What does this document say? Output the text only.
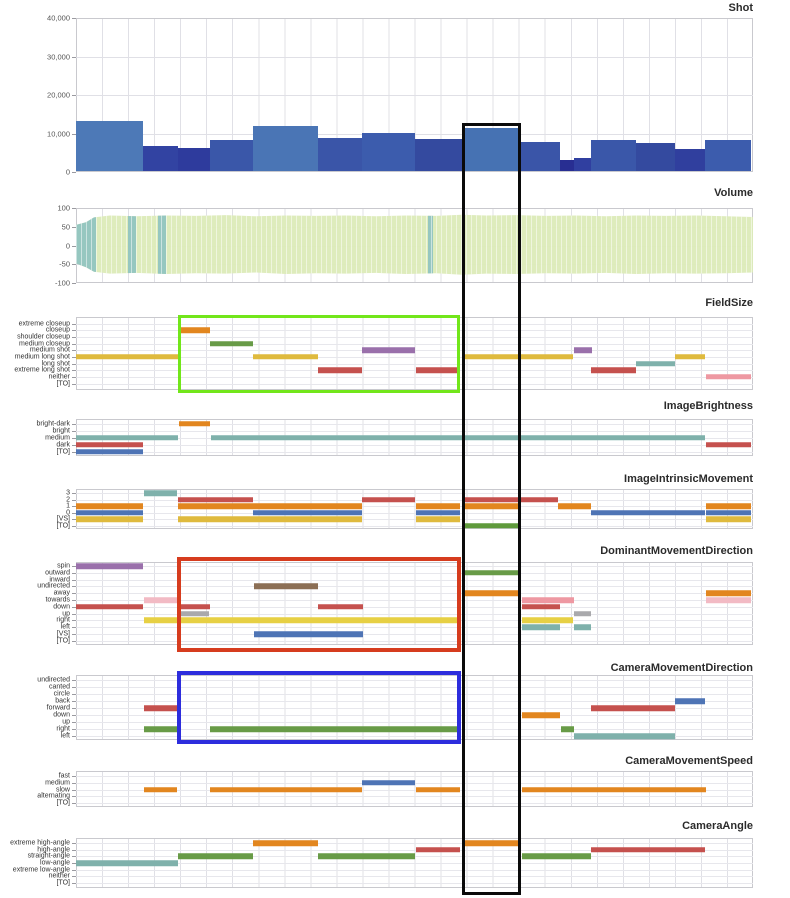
Shot
Volume
FieldSize
ImageBrightness
ImageIntrinsicMovement
DominantMovementDirection
CameraMovementDirection
CameraMovementSpeed
CameraAngle
40,000
30,000
20,000
10,000
0
100
50
0
-50
-100
extreme closeup
closeup
shoulder closeup
medium closeup
medium shot
medium long shot
long shot
extreme long shot
neither
[TO]
bright-dark
bright
medium
dark
[TO]
3
2
1
0
[VS]
[TO]
spin
outward
inward
undirected
away
towards
down
up
right
left
[VS]
[TO]
undirected
canted
circle
back
forward
down
up
right
left
fast
medium
slow
alternating
[TO]
extreme high-angle
high-angle
straight-angle
low-angle
extreme low-angle
neither
[TO]
